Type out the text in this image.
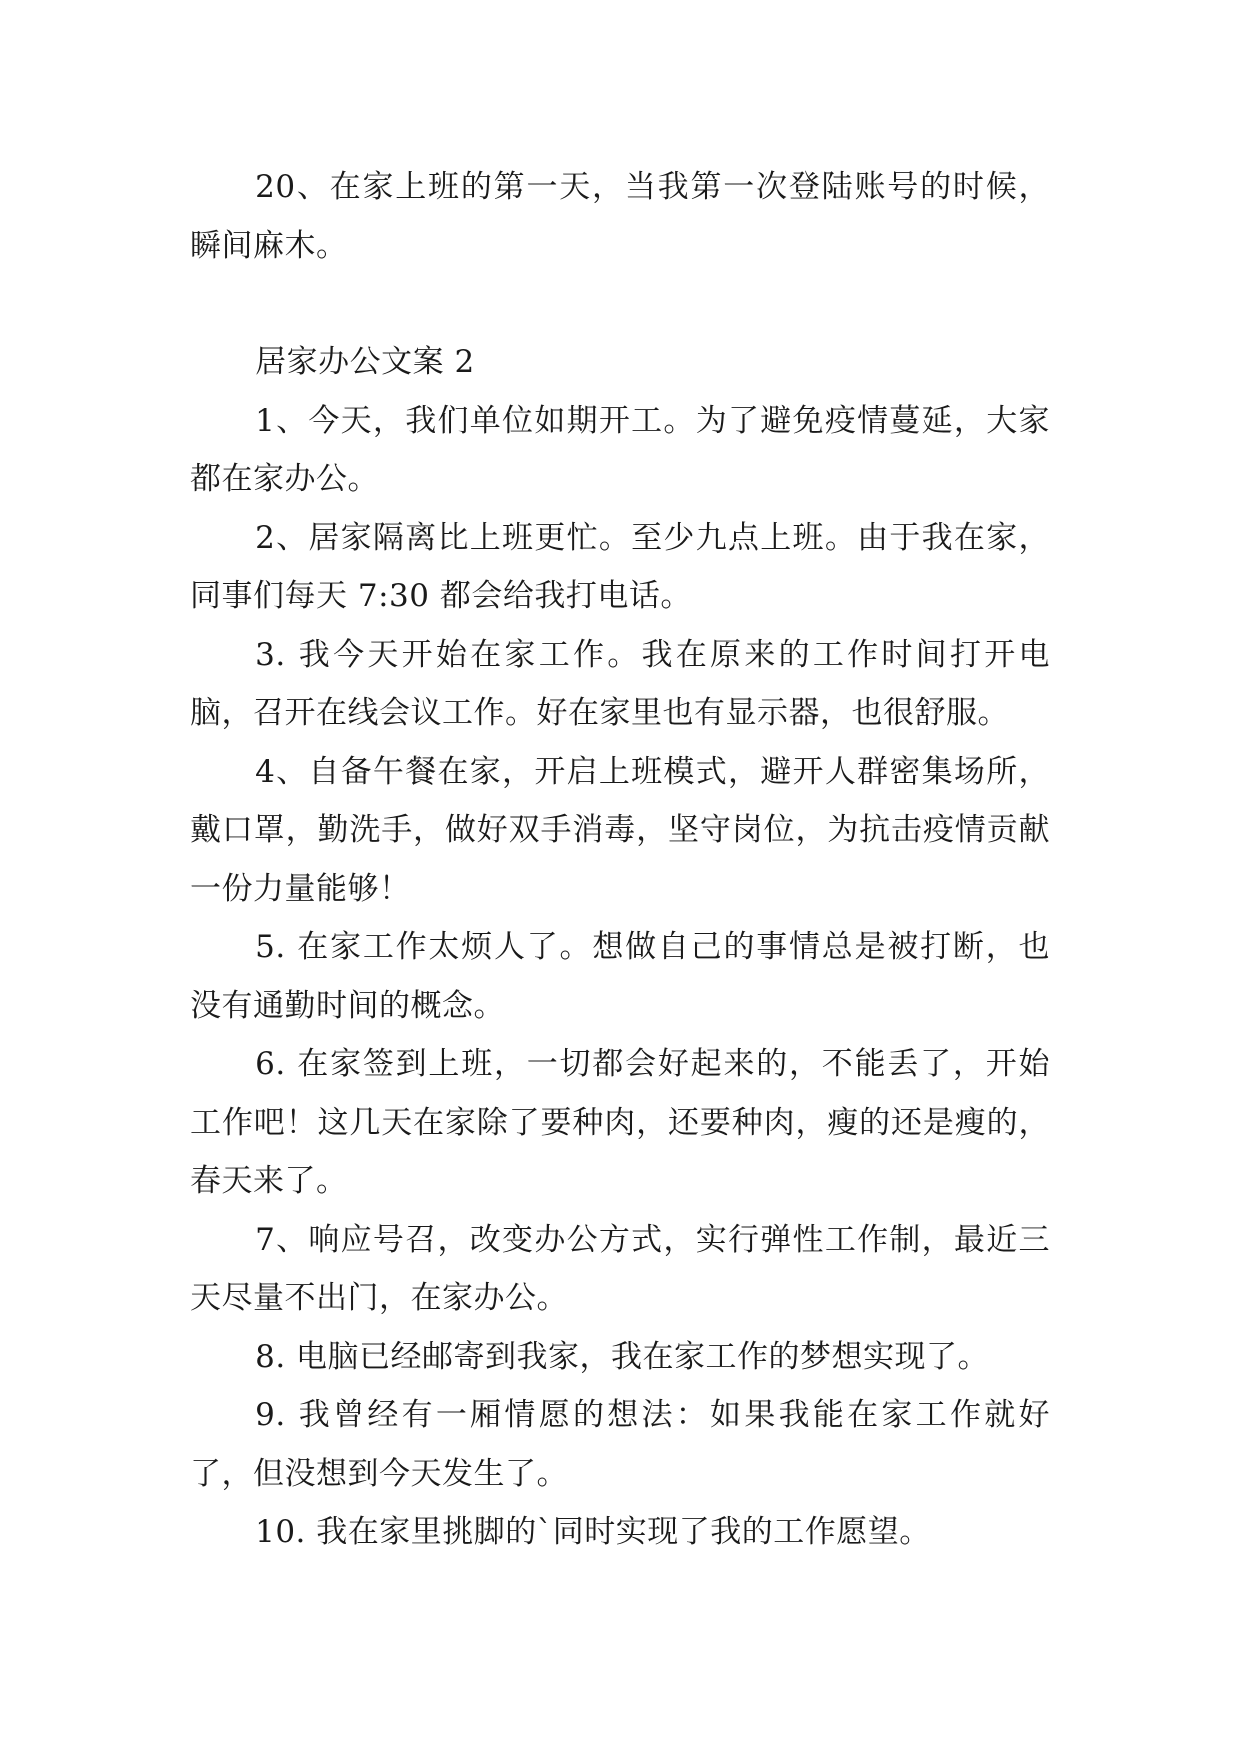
20、在家上班的第一天，当我第一次登陆账号的时候，瞬间麻木。

居家办公文案 2

1、今天，我们单位如期开工。为了避免疫情蔓延，大家都在家办公。

2、居家隔离比上班更忙。至少九点上班。由于我在家，同事们每天 7:30 都会给我打电话。

3. 我今天开始在家工作。我在原来的工作时间打开电脑，召开在线会议工作。好在家里也有显示器，也很舒服。

4、自备午餐在家，开启上班模式，避开人群密集场所，戴口罩，勤洗手，做好双手消毒，坚守岗位，为抗击疫情贡献一份力量能够！

5. 在家工作太烦人了。想做自己的事情总是被打断，也没有通勤时间的概念。

6. 在家签到上班，一切都会好起来的，不能丢了，开始工作吧！这几天在家除了要种肉，还要种肉，瘦的还是瘦的，春天来了。

7、响应号召，改变办公方式，实行弹性工作制，最近三天尽量不出门，在家办公。

8. 电脑已经邮寄到我家，我在家工作的梦想实现了。

9. 我曾经有一厢情愿的想法：如果我能在家工作就好了，但没想到今天发生了。

10. 我在家里挑脚的`同时实现了我的工作愿望。
